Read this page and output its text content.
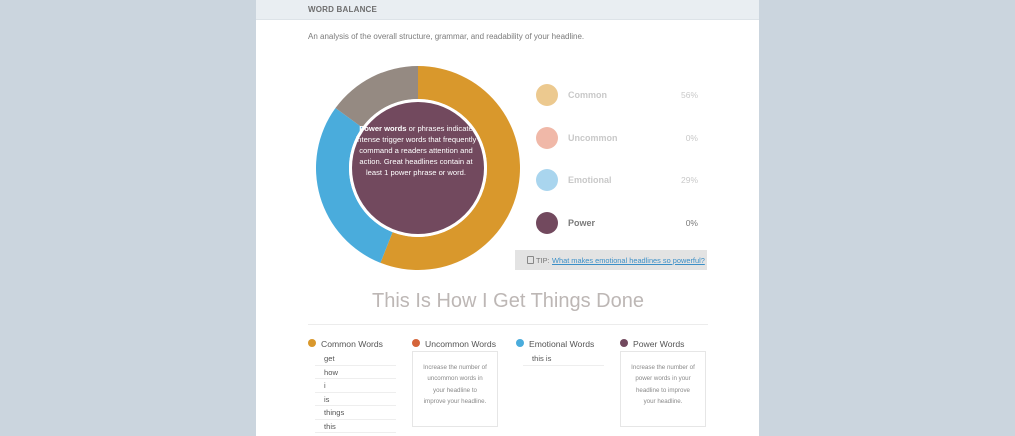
WORD BALANCE
An analysis of the overall structure, grammar, and readability of your headline.
Power words or phrases indicate intense trigger words that frequently command a readers attention and action. Great headlines contain at least 1 power phrase or word.
Common	56%
Uncommon	0%
Emotional	29%
Power	0%
TIP: What makes emotional headlines so powerful?
This Is How I Get Things Done
Common Words
get
how
i
is
things
this
Uncommon Words
Increase the number of uncommon words in your headline to improve your headline.
Emotional Words
this is
Power Words
Increase the number of power words in your headline to improve your headline.
